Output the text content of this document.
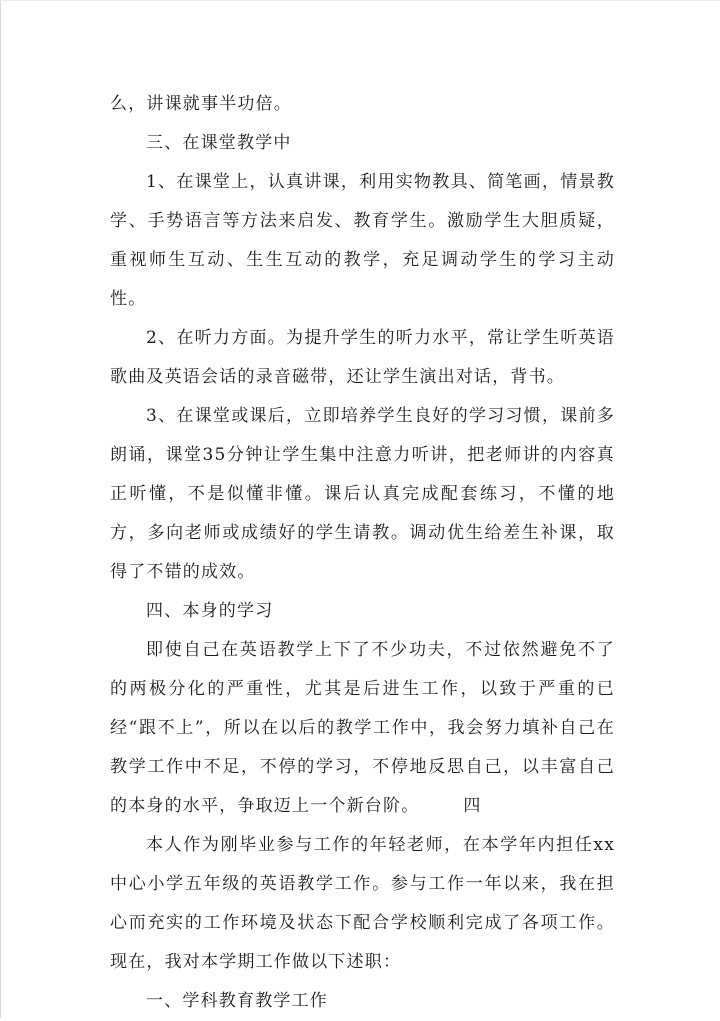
么，讲课就事半功倍。

三、在课堂教学中

1、在课堂上，认真讲课，利用实物教具、简笔画，情景教学、手势语言等方法来启发、教育学生。激励学生大胆质疑，重视师生互动、生生互动的教学，充足调动学生的学习主动性。

2、在听力方面。为提升学生的听力水平，常让学生听英语歌曲及英语会话的录音磁带，还让学生演出对话，背书。

3、在课堂或课后，立即培养学生良好的学习习惯，课前多朗诵，课堂35分钟让学生集中注意力听讲，把老师讲的内容真正听懂，不是似懂非懂。课后认真完成配套练习，不懂的地方，多向老师或成绩好的学生请教。调动优生给差生补课，取得了不错的成效。

四、本身的学习

即使自己在英语教学上下了不少功夫，不过依然避免不了的两极分化的严重性，尤其是后进生工作，以致于严重的已经“跟不上”，所以在以后的教学工作中，我会努力填补自己在教学工作中不足，不停的学习，不停地反思自己，以丰富自己的本身的水平，争取迈上一个新台阶。	四

本人作为刚毕业参与工作的年轻老师，在本学年内担任xx中心小学五年级的英语教学工作。参与工作一年以来，我在担心而充实的工作环境及状态下配合学校顺利完成了各项工作。现在，我对本学期工作做以下述职：

一、学科教育教学工作
